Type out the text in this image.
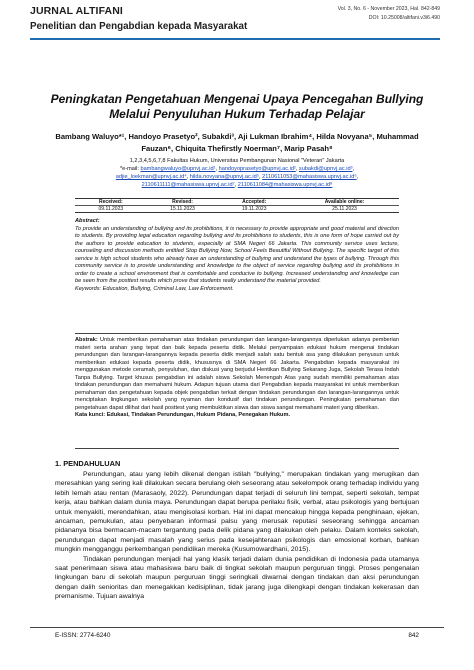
JURNAL ALTIFANI
Penelitian dan Pengabdian kepada Masyarakat
Vol. 3, No. 6 - November 2023, Hal. 842-849
DOI: 10.25008/altifani.v3i6.490
Peningkatan Pengetahuan Mengenai Upaya Pencegahan Bullying Melalui Penyuluhan Hukum Terhadap Pelajar
Bambang Waluyo*¹, Handoyo Prasetyo², Subakdi³, Aji Lukman Ibrahim⁴, Hilda Novyana⁵, Muhammad Fauzan⁶, Chiquita Thefirstly Noerman⁷, Marip Pasah⁸
1,2,3,4,5,6,7,8 Fakultas Hukum, Universitas Pembangunan Nasional "Veteran" Jakarta
*e-mail: bambangwaluyo@upnvj.ac.id¹, handoyoprasetyo@upnvj.ac.id², subakdi@upnvj.ac.id³,
adjie_loekman@upnvj.ac.id⁴, hilda.novyana@upnvj.ac.id⁵, 2110611053@mahasiswa.upnvj.ac.id⁶,
2110611111@mahasiswa.upnvj.ac.id⁷, 2110611084@mahasiswa.upnvj.ac.id⁸
Received:	Revised:	Accepted:	Available online:
09.11.2023	15.11.2023	19.11.2023	25.11.2023
Abstract:
To provide an understanding of bullying and its prohibitions, it is necessary to provide appropriate and good material and direction to students. By providing legal education regarding bullying and its prohibitions to students, this is one form of hope carried out by the authors to provide education to students, especially at SMA Negeri 66 Jakarta. This community service uses lecture, counseling and discussion methods entitled Stop Bullying Now, School Feels Beautiful Without Bullying. The specific target of this service is high school students who already have an understanding of bullying and understand the types of bullying. Through this community service is to provide understanding and knowledge to the object of service regarding bullying and its prohibitions in order to create a school environment that is comfortable and conducive to bullying. Increased understanding and knowledge can be seen from the posttest results which prove that students really understand the material provided.
Keywords: Education, Bullying, Criminal Law, Law Enforcement.
Abstrak: Untuk memberikan pemahaman atas tindakan perundungan dan larangan-larangannya diperlukan adanya pemberian materi serta arahan yang tepat dan baik kepada peserta didik. Melalui penyampaian edukasi hukum mengenai tindakan perundungan dan larangan-larangannya kepada peserta didik menjadi salah satu bentuk asa yang dilakukan penyusun untuk memberikan edukasi kepada peserta didik, khususnya di SMA Negeri 66 Jakarta. Pengabdian kepada masyarakat ini menggunakan metode ceramah, penyuluhan, dan diskusi yang berjudul Hentikan Bullying Sekarang Juga, Sekolah Terasa Indah Tanpa Bullying. Target khusus pengabdian ini adalah siswa Sekolah Menengah Atas yang sudah memiliki pemahaman atas tindakan perundungan dan memahami hukum. Adapun tujuan utama dari Pengabdian kepada masyarakat ini untuk memberikan pemahaman dan pengetahuan kepada objek pengabdian terkait dengan tindakan perundungan dan larangan-larangannya untuk menciptakan lingkungan sekolah yang nyaman dan kondusif dari tindakan perundungan. Peningkatan pemahaman dan pengetahuan dapat dilihat dari hasil posttest yang membuktikan siswa dan siswa sangat memahami materi yang diberikan.
Kata kunci: Edukasi, Tindakan Perundungan, Hukum Pidana, Penegakan Hukum.
1. PENDAHULUAN

Perundungan, atau yang lebih dikenal dengan istilah "bullying," merupakan tindakan yang merugikan dan meresahkan yang sering kali dilakukan secara berulang oleh seseorang atau sekelompok orang terhadap individu yang lebih lemah atau rentan (Marasaoly, 2022). Perundungan dapat terjadi di seluruh lini tempat, seperti sekolah, tempat kerja, atau bahkan dalam dunia maya. Perundungan dapat berupa perilaku fisik, verbal, atau psikologis yang bertujuan untuk menyakiti, merendahkan, atau mengisolasi korban. Hal ini dapat mencakup hingga kepada penghinaan, ejekan, ancaman, pemukulan, atau penyebaran informasi palsu yang merusak reputasi seseorang sehingga ancaman pidananya bisa bermacam-macam tergantung pada delik pidana yang dilakukan oleh pelaku. Dalam konteks sekolah, perundungan dapat menjadi masalah yang serius pada kesejahteraan psikologis dan emosional korban, bahkan mungkin mengganggu perkembangan pendidikan mereka (Kusumowardhani, 2015).

Tindakan perundungan menjadi hal yang klasik terjadi dalam dunia pendidikan di Indonesia pada utamanya saat penerimaan siswa atau mahasiswa baru baik di tingkat sekolah maupun perguruan tinggi. Proses pengenalan lingkungan baru di sekolah maupun perguruan tinggi seringkali diwarnai dengan tindakan dan aksi perundungan dengan dalih senioritas dan menegakkan kedisiplinan, tidak jarang juga dilengkapi dengan tindakan kekerasan dan premanisme. Tujuan awalnya

E-ISSN: 2774-6240	842
